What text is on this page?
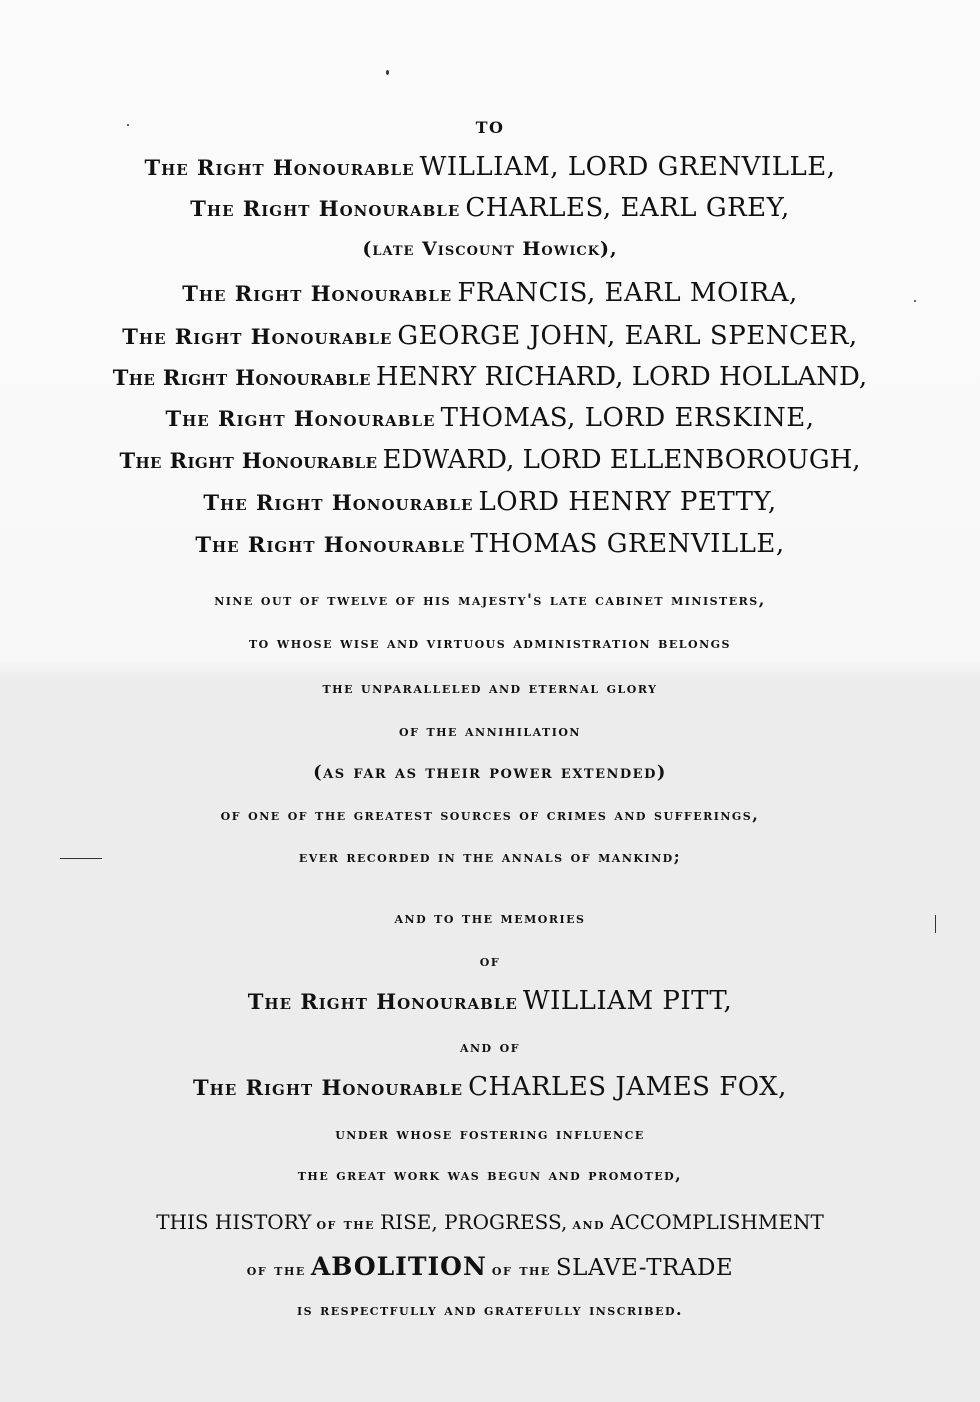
TO
The Right Honourable WILLIAM, LORD GRENVILLE,
The Right Honourable CHARLES, EARL GREY,
(late Viscount Howick),
The Right Honourable FRANCIS, EARL MOIRA,
The Right Honourable GEORGE JOHN, EARL SPENCER,
The Right Honourable HENRY RICHARD, LORD HOLLAND,
The Right Honourable THOMAS, LORD ERSKINE,
The Right Honourable EDWARD, LORD ELLENBOROUGH,
The Right Honourable LORD HENRY PETTY,
The Right Honourable THOMAS GRENVILLE,
nine out of twelve of his majesty's late cabinet ministers,
to whose wise and virtuous administration belongs
the unparalleled and eternal glory
of the annihilation
(as far as their power extended)
of one of the greatest sources of crimes and sufferings,
ever recorded in the annals of mankind;
and to the memories
of
The Right Honourable WILLIAM PITT,
and of
The Right Honourable CHARLES JAMES FOX,
under whose fostering influence
the great work was begun and promoted,
THIS HISTORY of the RISE, PROGRESS, and ACCOMPLISHMENT
of the ABOLITION of the SLAVE-TRADE
is respectfully and gratefully inscribed.
